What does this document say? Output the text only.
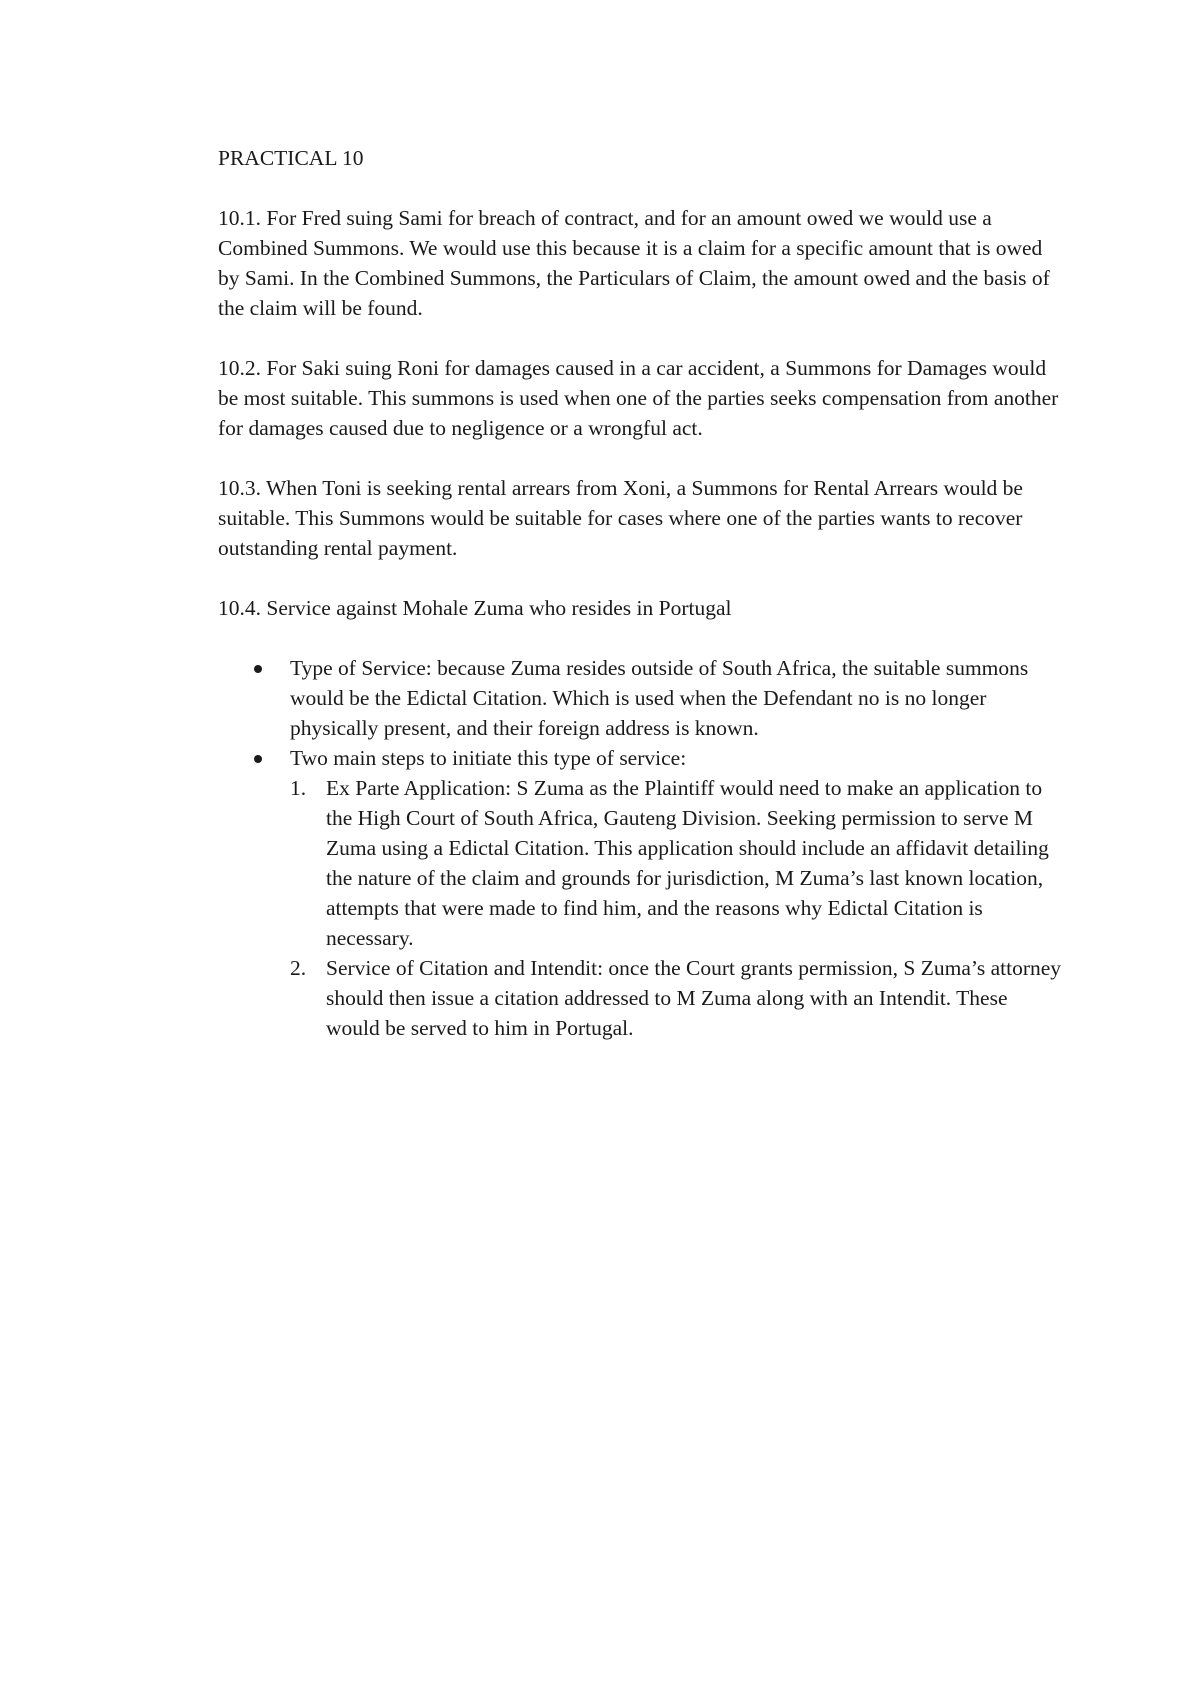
PRACTICAL 10

10.1. For Fred suing Sami for breach of contract, and for an amount owed we would use a Combined Summons. We would use this because it is a claim for a specific amount that is owed by Sami. In the Combined Summons, the Particulars of Claim, the amount owed and the basis of the claim will be found.

10.2. For Saki suing Roni for damages caused in a car accident, a Summons for Damages would be most suitable. This summons is used when one of the parties seeks compensation from another for damages caused due to negligence or a wrongful act.

10.3. When Toni is seeking rental arrears from Xoni, a Summons for Rental Arrears would be suitable. This Summons would be suitable for cases where one of the parties wants to recover outstanding rental payment.

10.4. Service against Mohale Zuma who resides in Portugal

Type of Service: because Zuma resides outside of South Africa, the suitable summons would be the Edictal Citation. Which is used when the Defendant no is no longer physically present, and their foreign address is known.
Two main steps to initiate this type of service:
1. Ex Parte Application: S Zuma as the Plaintiff would need to make an application to the High Court of South Africa, Gauteng Division. Seeking permission to serve M Zuma using a Edictal Citation. This application should include an affidavit detailing the nature of the claim and grounds for jurisdiction, M Zuma’s last known location, attempts that were made to find him, and the reasons why Edictal Citation is necessary.
2. Service of Citation and Intendit: once the Court grants permission, S Zuma’s attorney should then issue a citation addressed to M Zuma along with an Intendit. These would be served to him in Portugal.
